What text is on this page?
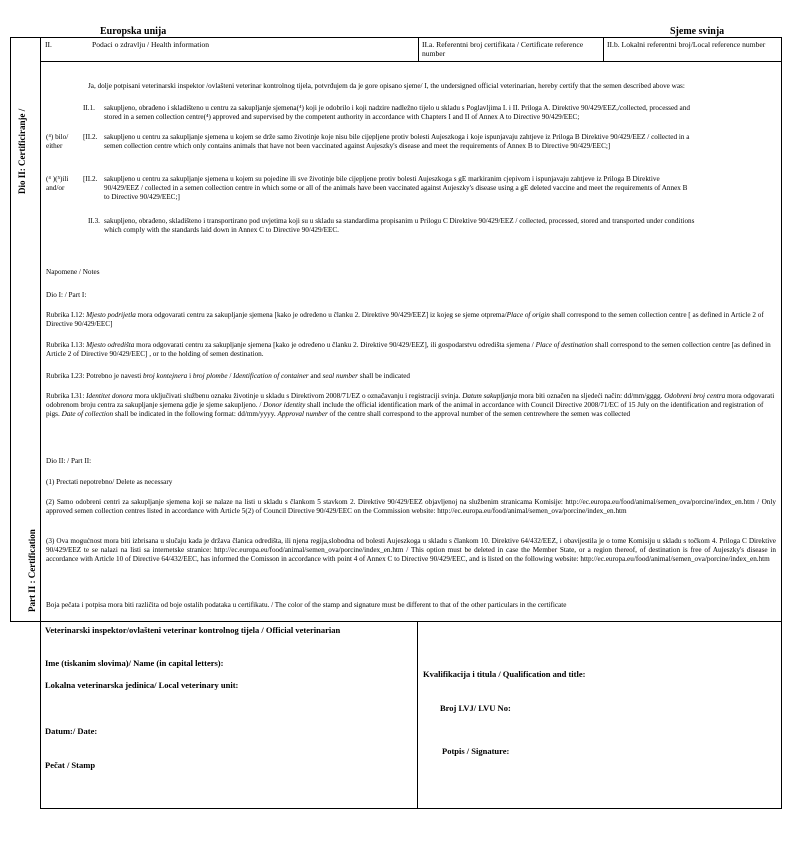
Europska unija	Sjeme svinja
II.	Podaci o zdravlju / Health information	II.a. Referentni broj certifikata / Certificate reference number
II.b. Lokalni referentni broj/Local reference number
Dio II: Certificiranje /
Part II : Certification
Ja, dolje potpisani veterinarski inspektor /ovlašteni veterinar kontrolnog tijela, potvrđujem da je gore opisano sjeme/ I, the undersigned official veterinarian, hereby certify that the semen described above was:
II.1. sakupljeno, obrađeno i skladišteno u centru za sakupljanje sjemena(⁴) koji je odobrilo i koji nadzire nadležno tijelo u skladu s Poglavljima I. i II. Priloga A. Direktive 90/429/EEZ,/collected, processed and stored in a semen collection centre(⁴) approved and supervised by the competent authority in accordance with Chapters I and II of Annex A to Directive 90/429/EEC;
(⁴) bilo/ either
[II.2. sakupljeno u centru za sakupljanje sjemena u kojem se drže samo životinje koje nisu bile cijepljene protiv bolesti Aujeszkoga i koje ispunjavaju zahtjeve iz Priloga B Direktive 90/429/EEZ / collected in a semen collection centre which only contains animals that have not been vaccinated against Aujeszky's disease and meet the requirements of Annex B to Directive 90/429/EEC;]
(⁴ )(⁵)ili and/or
[II.2. sakupljeno u centru za sakupljanje sjemena u kojem su pojedine ili sve životinje bile cijepljene protiv bolesti Aujeszkoga s gE markiranim cjepivom i ispunjavaju zahtjeve iz Priloga B Direktive 90/429/EEZ / collected in a semen collection centre in which some or all of the animals have been vaccinated against Aujeszky's disease using a gE deleted vaccine and meet the requirements of Annex B to Directive 90/429/EEC;]
II.3. sakupljeno, obrađeno, skladišteno i transportirano pod uvjetima koji su u skladu sa standardima propisanim u Prilogu C Direktive 90/429/EEZ / collected, processed, stored and transported under conditions which comply with the standards laid down in Annex C to Directive 90/429/EEC.
Napomene / Notes
Dio I: / Part I:
Rubrika I.12: Mjesto podrijetla mora odgovarati centru za sakupljanje sjemena [kako je određeno u članku 2. Direktive 90/429/EEZ] iz kojeg se sjeme otprema/Place of origin shall correspond to the semen collection centre [ as defined in Article 2 of Directive 90/429/EEC]
Rubrika I.13: Mjesto odredišta mora odgovarati centru za sakupljanje sjemena [kako je određeno u članku 2. Direktive 90/429/EEZ], ili gospodarstvu odredišta sjemena / Place of destination shall correspond to the semen collection centre [as defined in Article 2 of Directive 90/429/EEC] , or to the holding of semen destination.
Rubrika I.23: Potrebno je navesti broj kontejnera i broj plombe / Identification of container and seal number shall be indicated
Rubrika I.31: Identitet donora mora uključivati službenu oznaku životinje u skladu s Direktivom 2008/71/EZ o označavanju i registraciji svinja. Datum sakupljanja mora biti označen na sljedeći način: dd/mm/gggg. Odobreni broj centra mora odgovarati odobrenom broju centra za sakupljanje sjemena gdje je sjeme sakupljeno. / Donor identity shall include the official identification mark of the animal in accordance with Council Directive 2008/71/EC of 15 July on the identification and registration of pigs. Date of collection shall be indicated in the following format: dd/mm/yyyy. Approval number of the centre shall correspond to the approval number of the semen centrewhere the semen was collected
Dio II: / Part II:
(1) Prectati nepotrebno/ Delete as necessary
(2) Samo odobreni centri za sakupljanje sjemena koji se nalaze na listi u skladu s člankom 5 stavkom 2. Direktive 90/429/EEZ objavljenoj na službenim stranicama Komisije: http://ec.europa.eu/food/animal/semen_ova/porcine/index_en.htm / Only approved semen collection centres listed in accordance with Article 5(2) of Council Directive 90/429/EEC on the Commission website: http://ec.europa.eu/food/animal/semen_ova/porcine/index_en.htm
(3) Ova mogućnost mora biti izbrisana u slučaju kada je država članica odredišta, ili njena regija,slobodna od bolesti Aujeszkoga u skladu s člankom 10. Direktive 64/432/EEZ, i obavijestila je o tome Komisiju u skladu s točkom 4. Priloga C Direktive 90/429/EEZ te se nalazi na listi sa internetske stranice: http://ec.europa.eu/food/animal/semen_ova/porcine/index_en.htm / This option must be deleted in case the Member State, or a region thereof, of destination is free of Aujeszky's disease in accordance with Article 10 of Directive 64/432/EEC, has informed the Comisson in accordance with point 4 of Annex C to Directive 90/429/EEC, and is listed on the following website: http://ec.europa.eu/food/animal/semen_ova/porcine/index_en.htm
Boja pečata i potpisa mora biti različita od boje ostalih podataka u certifikatu. / The color of the stamp and signature must be different to that of the other particulars in the certificate
Veterinarski inspektor/ovlašteni veterinar kontrolnog tijela / Official veterinarian
Ime (tiskanim slovima)/ Name (in capital letters):
Lokalna veterinarska jedinica/ Local veterinary unit:
Datum:/ Date:
Pečat / Stamp
Kvalifikacija i titula / Qualification and title:
Broj LVJ/ LVU No:
Potpis / Signature:
